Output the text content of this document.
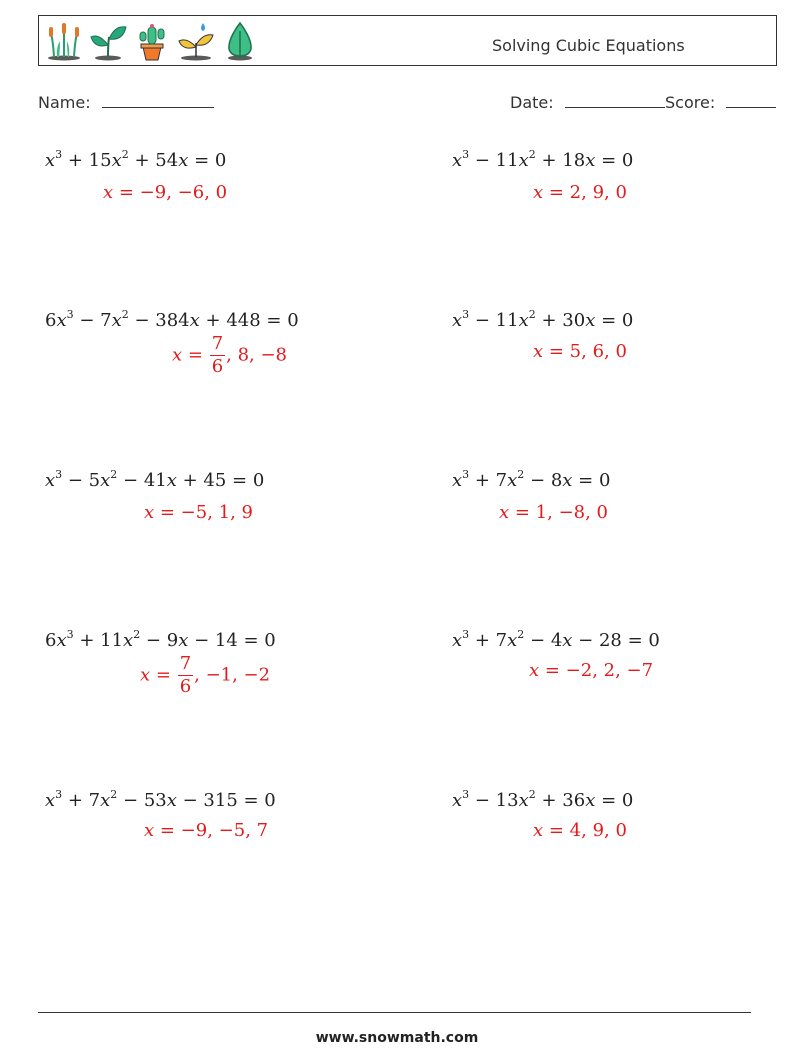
Solving Cubic Equations
Name:	Date:	Score:
$x^3 + 15x^2 + 54x = 0$
x = −9, −6, 0
$x^3 - 11x^2 + 18x = 0$
x = 2, 9, 0
$6x^3 - 7x^2 - 384x + 448 = 0$
$x = \frac{7}{6}$ , 8, −8
$x^3 - 11x^2 + 30x = 0$
x = 5, 6, 0
$x^3 - 5x^2 - 41x + 45 = 0$
x = −5, 1, 9
$x^3 + 7x^2 - 8x = 0$
x = 1, −8, 0
$6x^3 + 11x^2 - 9x - 14 = 0$
$x = \frac{7}{6}$ , −1, −2
$x^3 + 7x^2 - 4x - 28 = 0$
x = −2, 2, −7
$x^3 + 7x^2 - 53x - 315 = 0$
x = −9, −5, 7
$x^3 - 13x^2 + 36x = 0$
x = 4, 9, 0
www.snowmath.com
